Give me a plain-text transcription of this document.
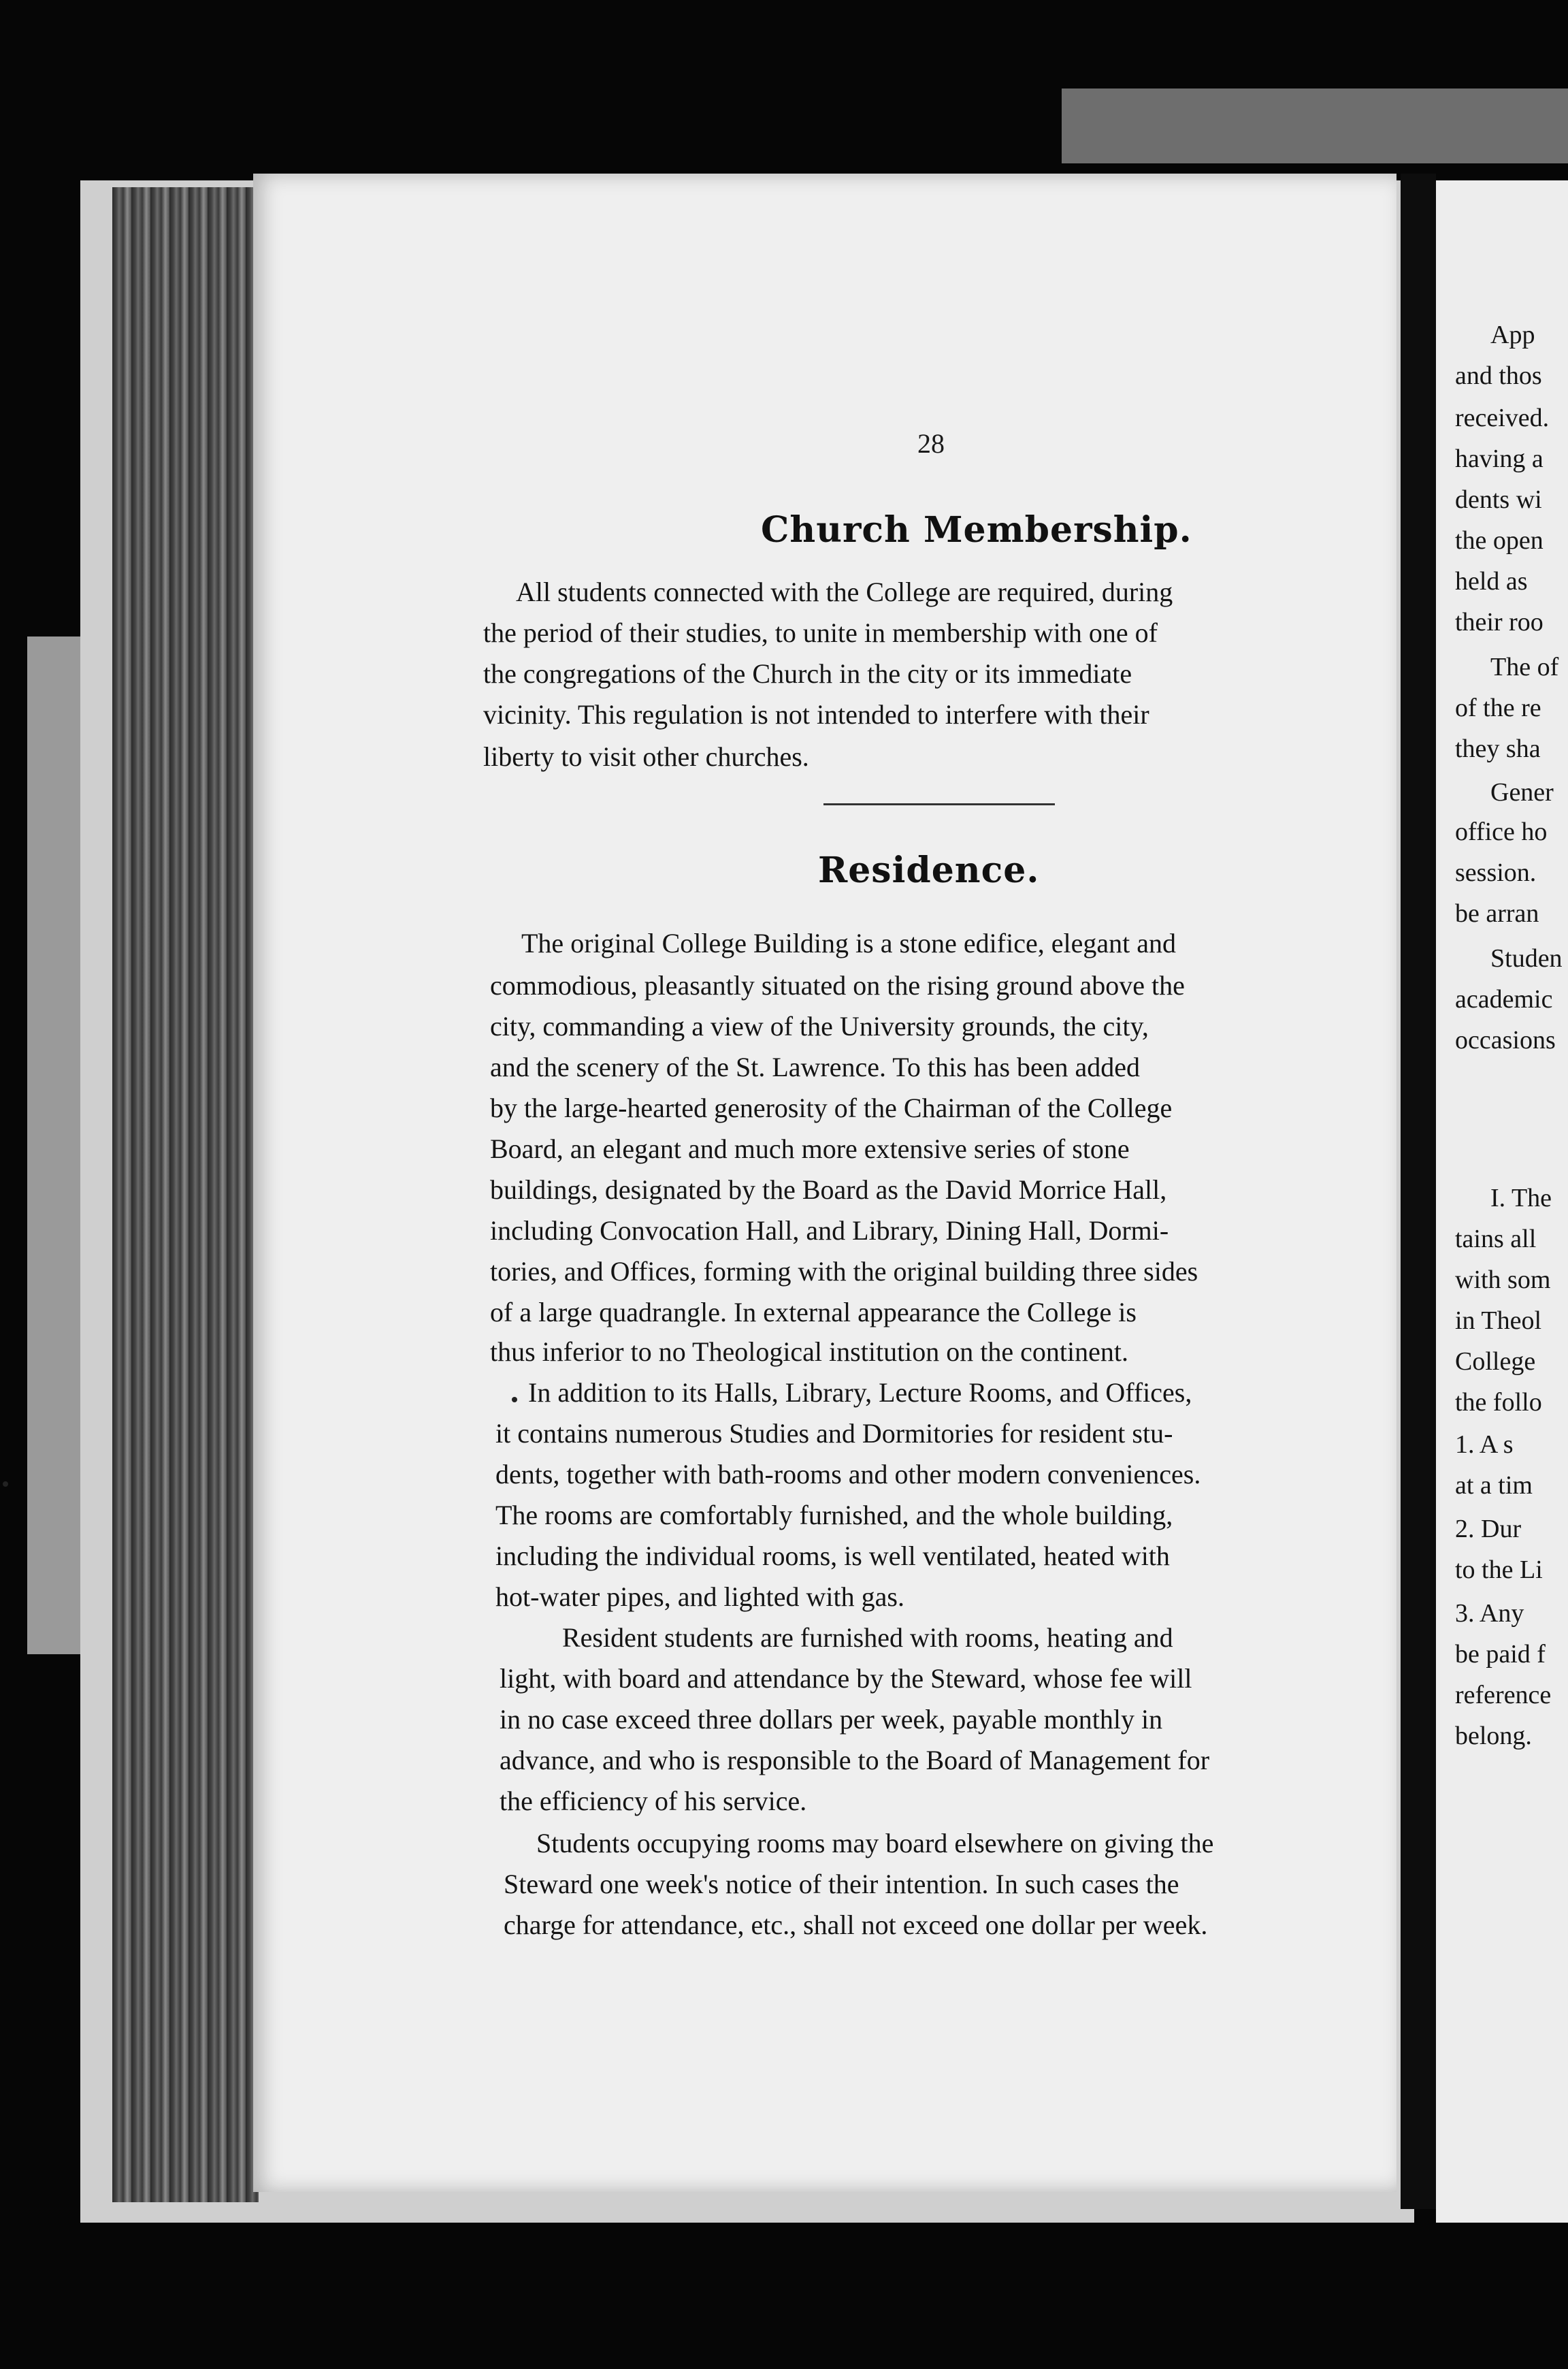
App
and thos
received.
having a
dents wi
the open
held as
their roo
The of
of the re
they sha
Gener
office ho
session.
be arran
Studen
academic
occasions
I. The
tains all
with som
in Theol
College
the follo
1. A s
at a tim
2. Dur
to the Li
3. Any
be paid f
reference
belong.
28
Church Membership.
All students connected with the College are required, during
the period of their studies, to unite in membership with one of
the congregations of the Church in the city or its immediate
vicinity. This regulation is not intended to interfere with their
liberty to visit other churches.
Residence.
The original College Building is a stone edifice, elegant and
commodious, pleasantly situated on the rising ground above the
city, commanding a view of the University grounds, the city,
and the scenery of the St. Lawrence. To this has been added
by the large-hearted generosity of the Chairman of the College
Board, an elegant and much more extensive series of stone
buildings, designated by the Board as the David Morrice Hall,
including Convocation Hall, and Library, Dining Hall, Dormi-
tories, and Offices, forming with the original building three sides
of a large quadrangle. In external appearance the College is
thus inferior to no Theological institution on the continent.
In addition to its Halls, Library, Lecture Rooms, and Offices,
it contains numerous Studies and Dormitories for resident stu-
dents, together with bath-rooms and other modern conveniences.
The rooms are comfortably furnished, and the whole building,
including the individual rooms, is well ventilated, heated with
hot-water pipes, and lighted with gas.
Resident students are furnished with rooms, heating and
light, with board and attendance by the Steward, whose fee will
in no case exceed three dollars per week, payable monthly in
advance, and who is responsible to the Board of Management for
the efficiency of his service.
Students occupying rooms may board elsewhere on giving the
Steward one week's notice of their intention. In such cases the
charge for attendance, etc., shall not exceed one dollar per week.
